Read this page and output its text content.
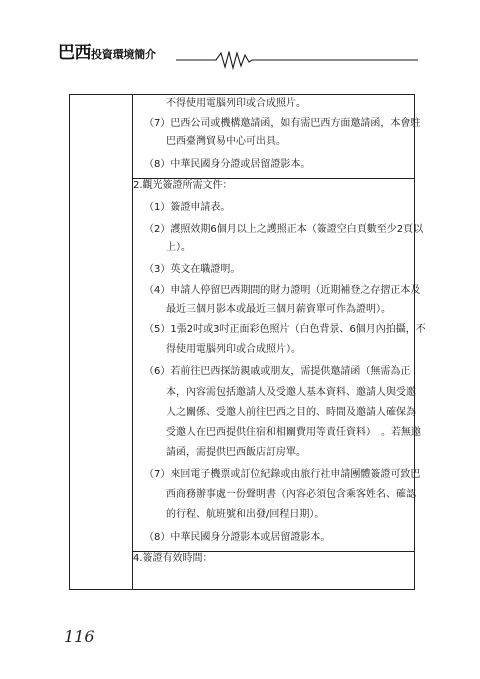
巴西投資環境簡介
不得使用電腦列印或合成照片。
（7）巴西公司或機構邀請函，如有需巴西方面邀請函，本會駐
巴西臺灣貿易中心可出具。
（8）中華民國身分證或居留證影本。
2.觀光簽證所需文件：
（1）簽證申請表。
（2）護照效期6個月以上之護照正本（簽證空白頁數至少2頁以
上）。
（3）英文在職證明。
（4）申請人停留巴西期間的財力證明（近期補登之存摺正本及
最近三個月影本或最近三個月薪資單可作為證明）。
（5）1張2吋或3吋正面彩色照片（白色背景、6個月內拍攝，不
得使用電腦列印或合成照片）。
（6）若前往巴西探訪親戚或朋友，需提供邀請函（無需為正
本，內容需包括邀請人及受邀人基本資料、邀請人與受邀
人之關係、受邀人前往巴西之目的、時間及邀請人確保為
受邀人在巴西提供住宿和相關費用等責任資料）　。若無邀
請函，需提供巴西飯店訂房單。
（7）來回電子機票或訂位紀錄或由旅行社申請團體簽證可致巴
西商務辦事處一份聲明書（內容必須包含乘客姓名、確認
的行程、航班號和出發/回程日期）。
（8）中華民國身分證影本或居留證影本。
4.簽證有效時間：
116
